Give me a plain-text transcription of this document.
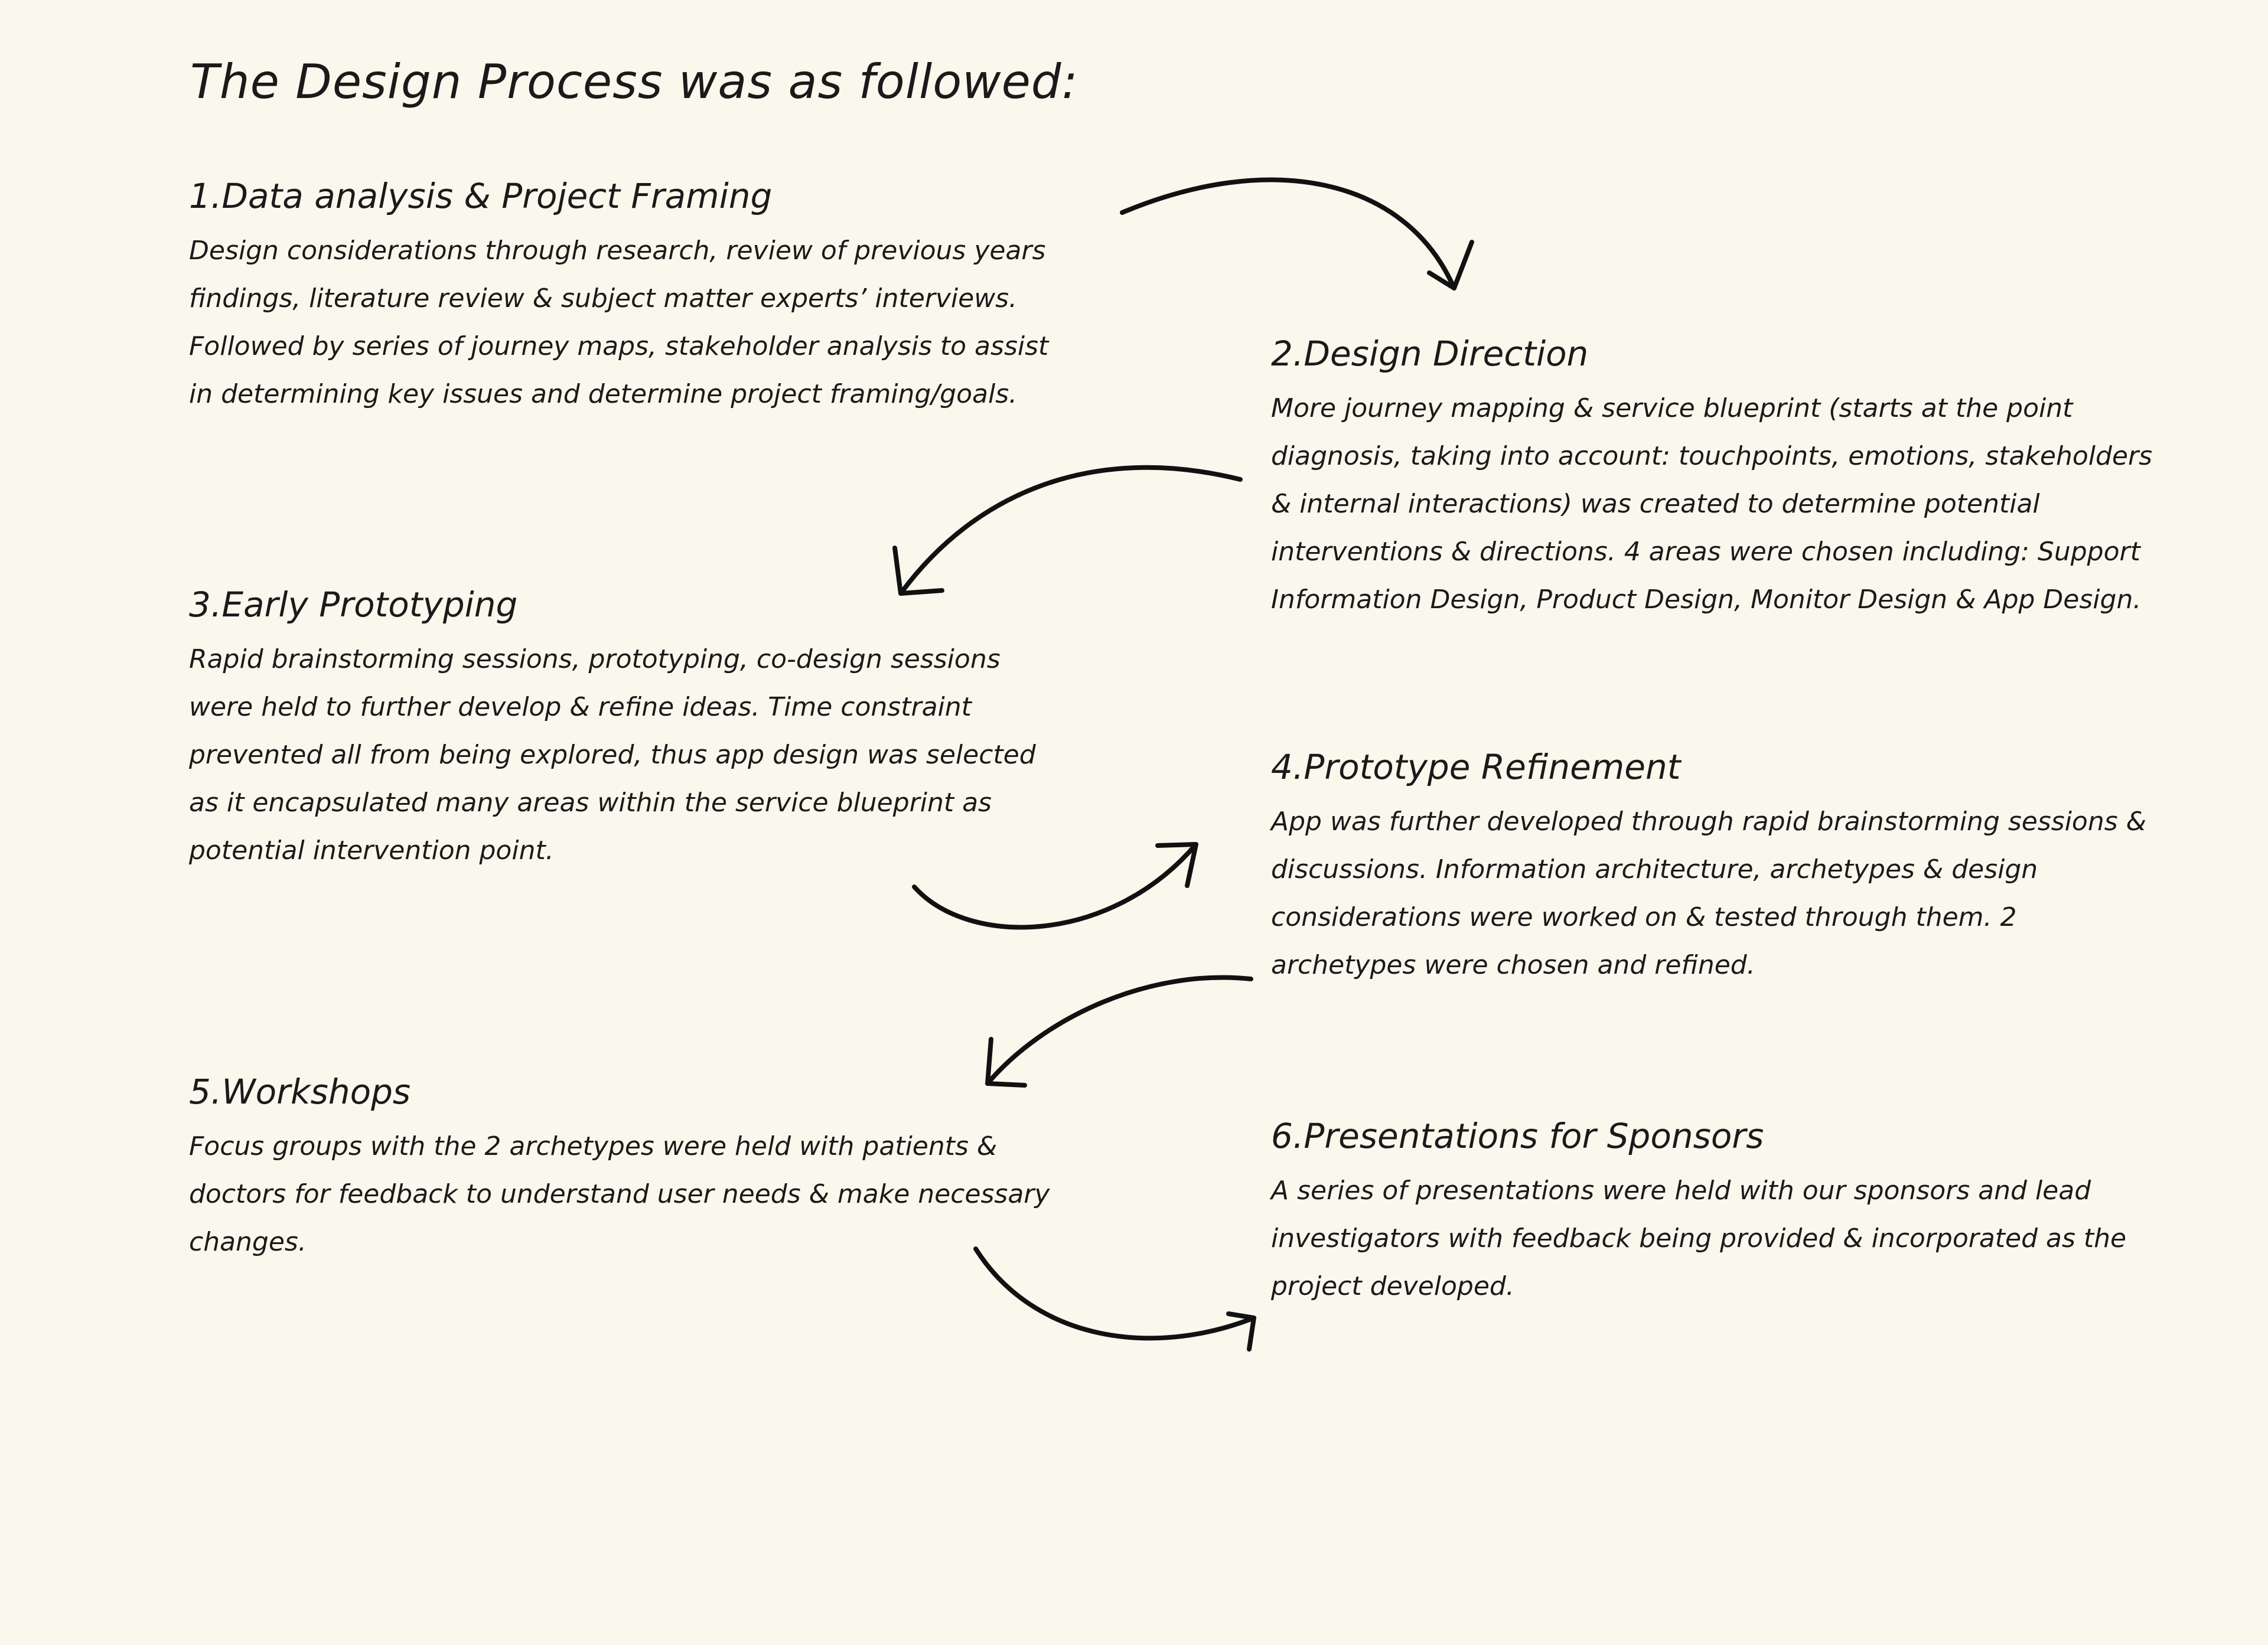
The Design Process was as followed:
1.Data analysis & Project Framing

Design considerations through research, review of previous years findings, literature review & subject matter experts’ interviews. Followed by series of journey maps, stakeholder analysis to assist in determining key issues and determine project framing/goals.

2.Design Direction

More journey mapping & service blueprint (starts at the point diagnosis, taking into account: touchpoints, emotions, stakeholders & internal interactions) was created to determine potential interventions & directions. 4 areas were chosen including: Support Information Design, Product Design, Monitor Design & App Design.

3.Early Prototyping

Rapid brainstorming sessions, prototyping, co-design sessions were held to further develop & refine ideas. Time constraint prevented all from being explored, thus app design was selected as it encapsulated many areas within the service blueprint as potential intervention point.

4.Prototype Refinement

App was further developed through rapid brainstorming sessions & discussions. Information architecture, archetypes & design considerations were worked on & tested through them. 2 archetypes were chosen and refined.

5.Workshops

Focus groups with the 2 archetypes were held with patients & doctors for feedback to understand user needs & make necessary changes.

6.Presentations for Sponsors

A series of presentations were held with our sponsors and lead investigators with feedback being provided & incorporated as the project developed.
